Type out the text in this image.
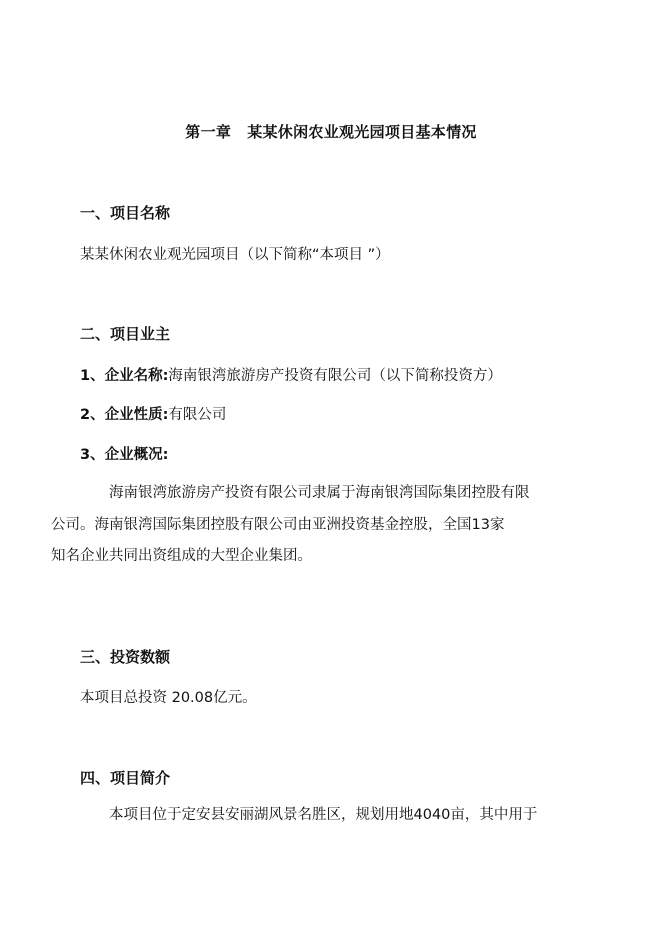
第一章 某某休闲农业观光园项目基本情况
一、项目名称
某某休闲农业观光园项目（以下简称“本项目 ”）
二、项目业主
1、企业名称:海南银湾旅游房产投资有限公司（以下简称投资方）
2、企业性质:有限公司
3、企业概况:
海南银湾旅游房产投资有限公司隶属于海南银湾国际集团控股有限
公司。海南银湾国际集团控股有限公司由亚洲投资基金控股，全国13家
知名企业共同出资组成的大型企业集团。
三、投资数额
本项目总投资 20.08亿元。
四、项目简介
本项目位于定安县安丽湖风景名胜区，规划用地4040亩，其中用于
